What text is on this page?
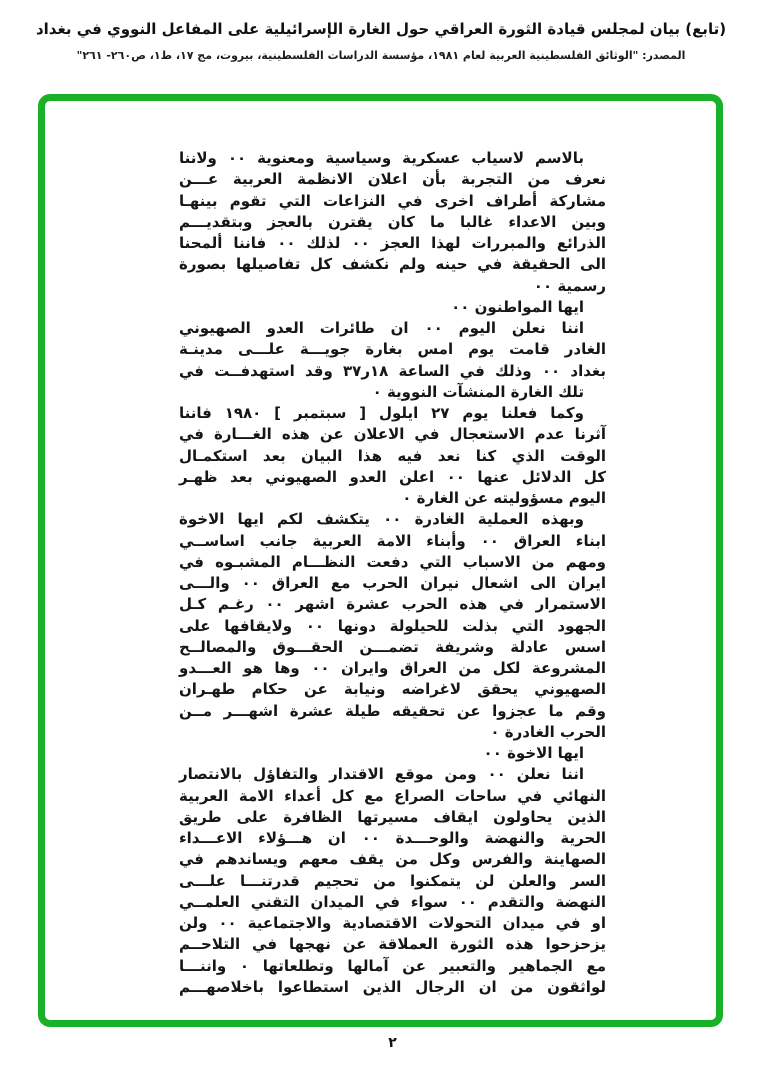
(تابع) بيان لمجلس قيادة الثورة العراقي حول الغارة الإسرائيلية على المفاعل النووي في بغداد
المصدر: "الوثائق الفلسطينية العربية لعام ١٩٨١، مؤسسة الدراسات الفلسطينية، بيروت، مج ١٧، ط١، ص٢٦٠- ٢٦١"
بالاسم لاسياب عسكرية وسياسية ومعنوية ٠٠ ولاننا
نعرف من التجربة بأن اعلان الانظمة العربية عـــن
مشاركة أطراف اخرى في النزاعات التي تقوم بينهـا
وبين الاعداء غالبا ما كان يقترن بالعجز وبتقديـــم
الذرائع والمبررات لهذا العجز ٠٠ لذلك ٠٠ فاننا ألمحنا
الى الحقيقة في حينه ولم نكشف كل تفاصيلها بصورة
رسمية ٠٠
ايها المواطنون ٠٠
اننا نعلن اليوم ٠٠ ان طائرات العدو الصهيوني
الغادر قامت يوم امس بغارة جويـــة علـــى مدينـة
بغداد ٠٠ وذلك في الساعة ١٨ر٣٧ وقد استهدفــت في
تلك الغارة المنشآت النووية ٠
وكما فعلنا يوم ٢٧ ايلول [ سبتمبر ] ١٩٨٠ فاننا
آثرنا عدم الاستعجال في الاعلان عن هذه الغـــارة في
الوقت الذي كنا نعد فيه هذا البيان بعد استكمـال
كل الدلائل عنها ٠٠ اعلن العدو الصهيوني بعد ظهـر
اليوم مسؤوليته عن الغارة ٠
وبهذه العملية الغادرة ٠٠ يتكشف لكم ايها الاخوة
ابناء العراق ٠٠ وأبناء الامة العربية جانب اساســي
ومهم من الاسباب التي دفعت النظـــام المشبـوه في
ايران الى اشعال نيران الحرب مع العراق ٠٠ والـــى
الاستمرار في هذه الحرب عشرة اشهر ٠٠ رغـم كـل
الجهود التي بذلت للحيلولة دونها ٠٠ ولايقافها على
اسس عادلة وشريفة تضمـــن الحقـــوق والمصالــح
المشروعة لكل من العراق وايران ٠٠ وها هو العـــدو
الصهيوني يحقق لاغراضه ونيابة عن حكام طهـران
وقم ما عجزوا عن تحقيقه طيلة عشرة اشهـــر مــن
الحرب الغادرة ٠
ايها الاخوة ٠٠
اننا نعلن ٠٠ ومن موقع الاقتدار والتفاؤل بالانتصار
النهائي في ساحات الصراع مع كل أعداء الامة العربية
الذين يحاولون ايقاف مسيرتها الظافرة على طريق
الحرية والنهضة والوحـــدة ٠٠ ان هـــؤلاء الاعـــداء
الصهاينة والفرس وكل من يقف معهم ويساندهم في
السر والعلن لن يتمكنوا من تحجيم قدرتنـــا علـــى
النهضة والتقدم ٠٠ سواء في الميدان التقني العلمــي
او في ميدان التحولات الاقتصادية والاجتماعية ٠٠ ولن
يزحزحوا هذه الثورة العملاقة عن نهجها في التلاحــم
مع الجماهير والتعبير عن آمالها وتطلعاتها ٠ واننـــا
لواثقون من ان الرجال الذين استطاعوا باخلاصهـــم
٢
